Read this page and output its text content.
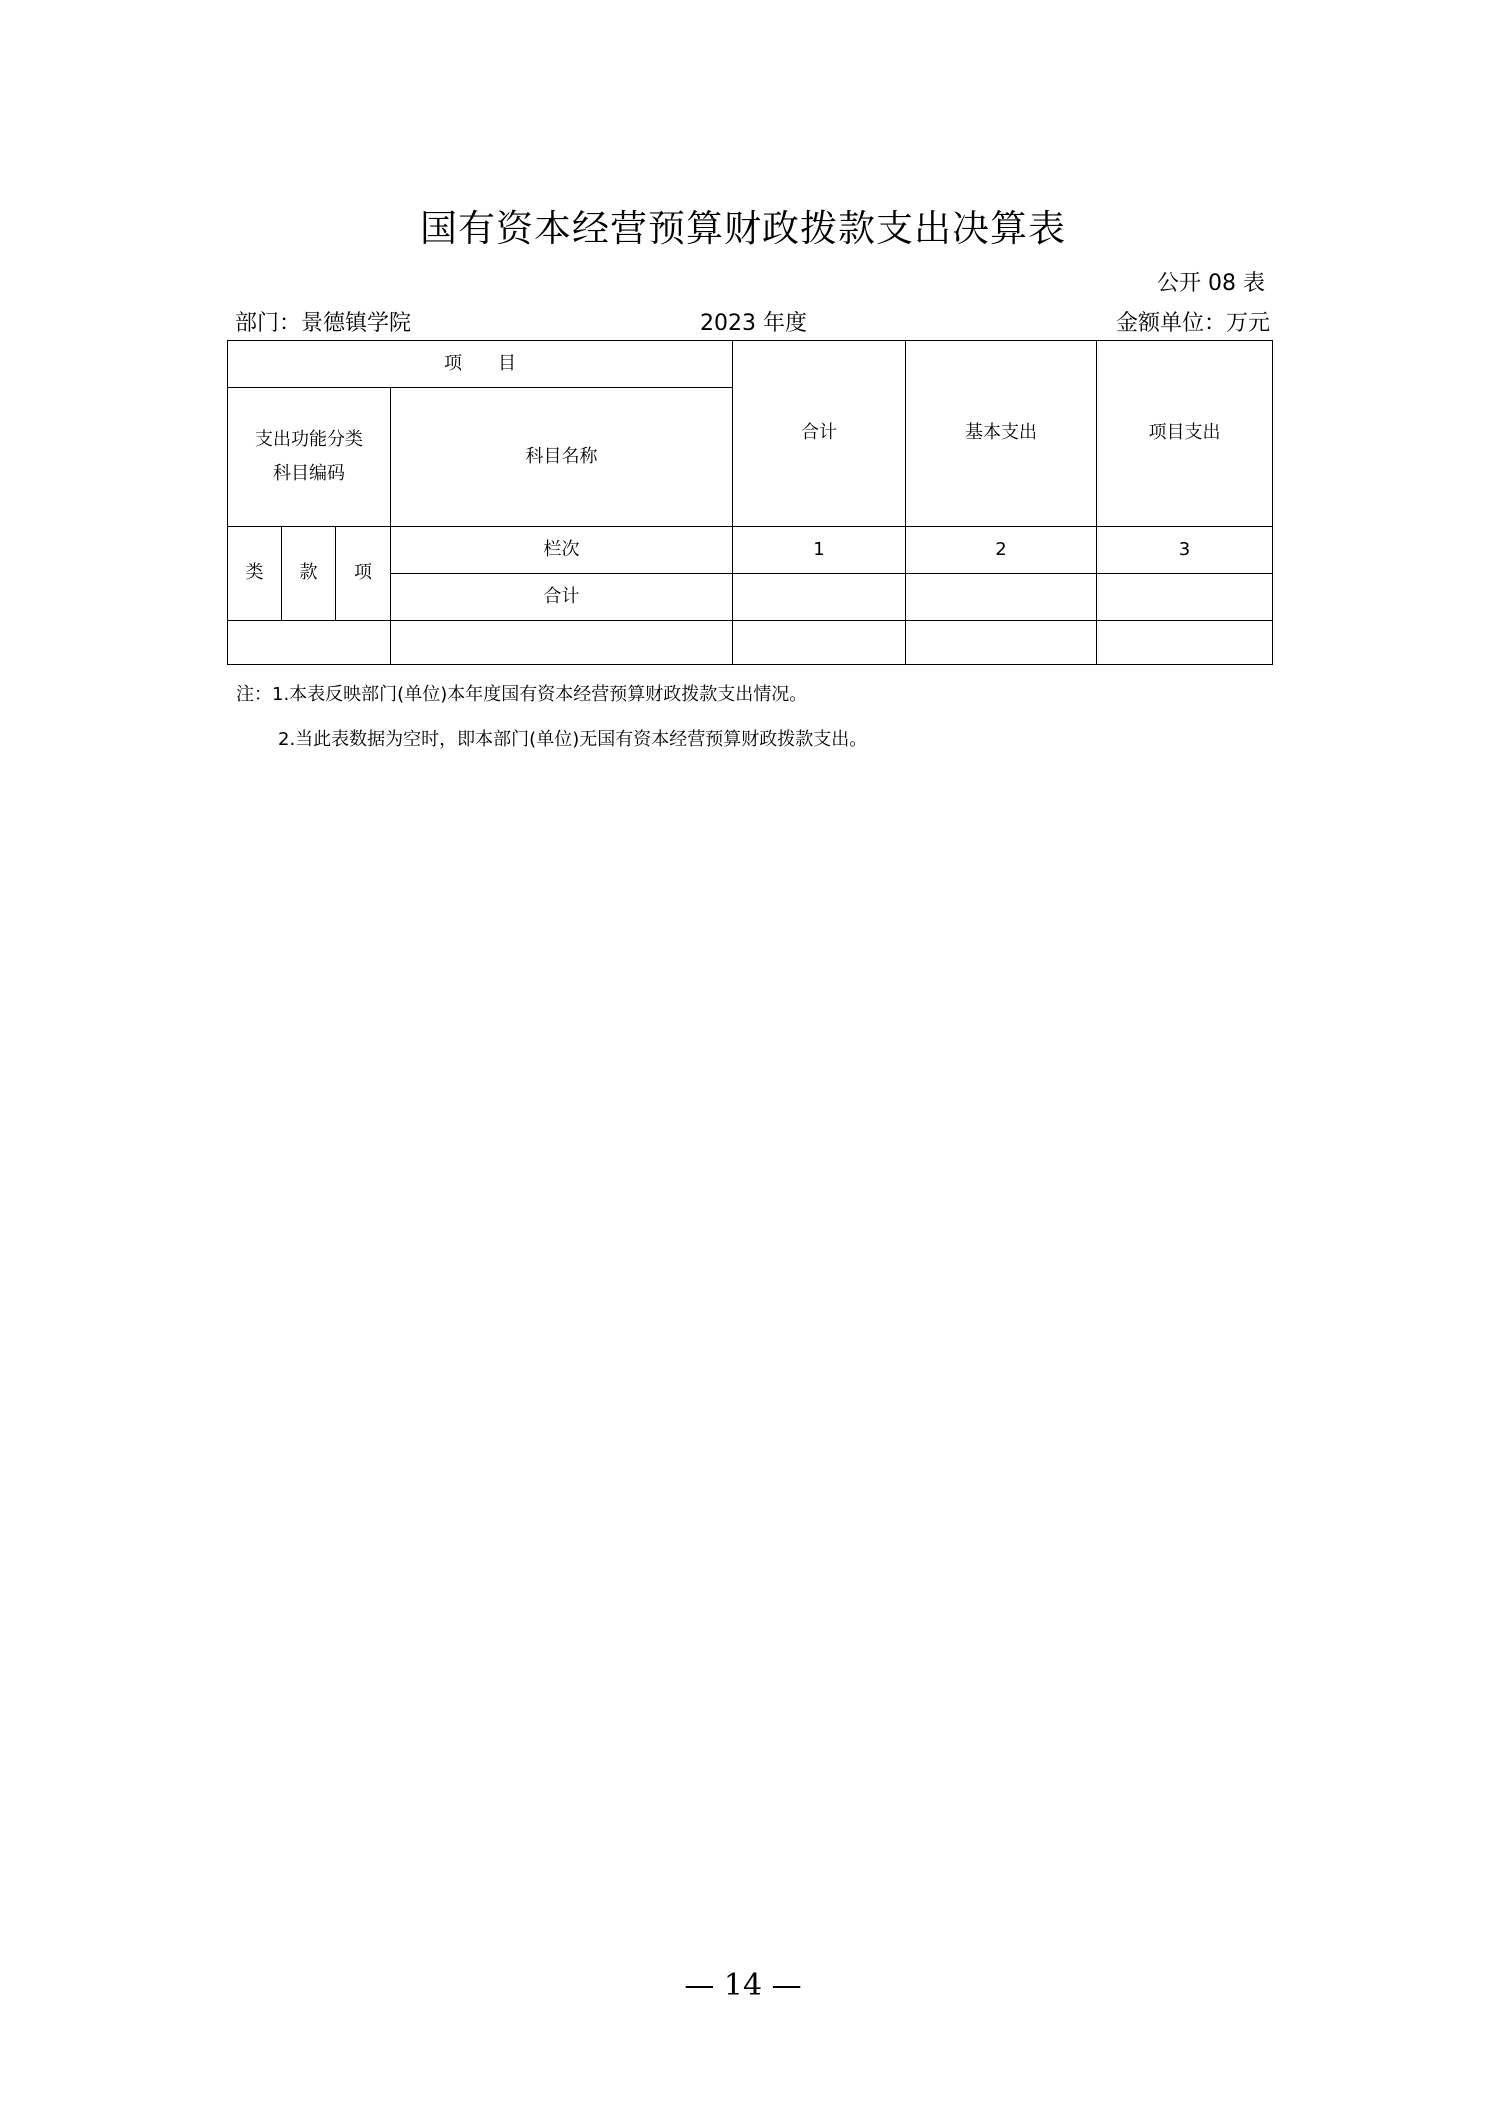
国有资本经营预算财政拨款支出决算表
公开 08 表
部门：景德镇学院	2023 年度	金额单位：万元
项　　目				合计	基本支出	项目支出
支出功能分类
科目编码			科目名称			
类	款	项	栏次	1	2	3
			合计			

注：1.本表反映部门(单位)本年度国有资本经营预算财政拨款支出情况。
2.当此表数据为空时，即本部门(单位)无国有资本经营预算财政拨款支出。
— 14 —
